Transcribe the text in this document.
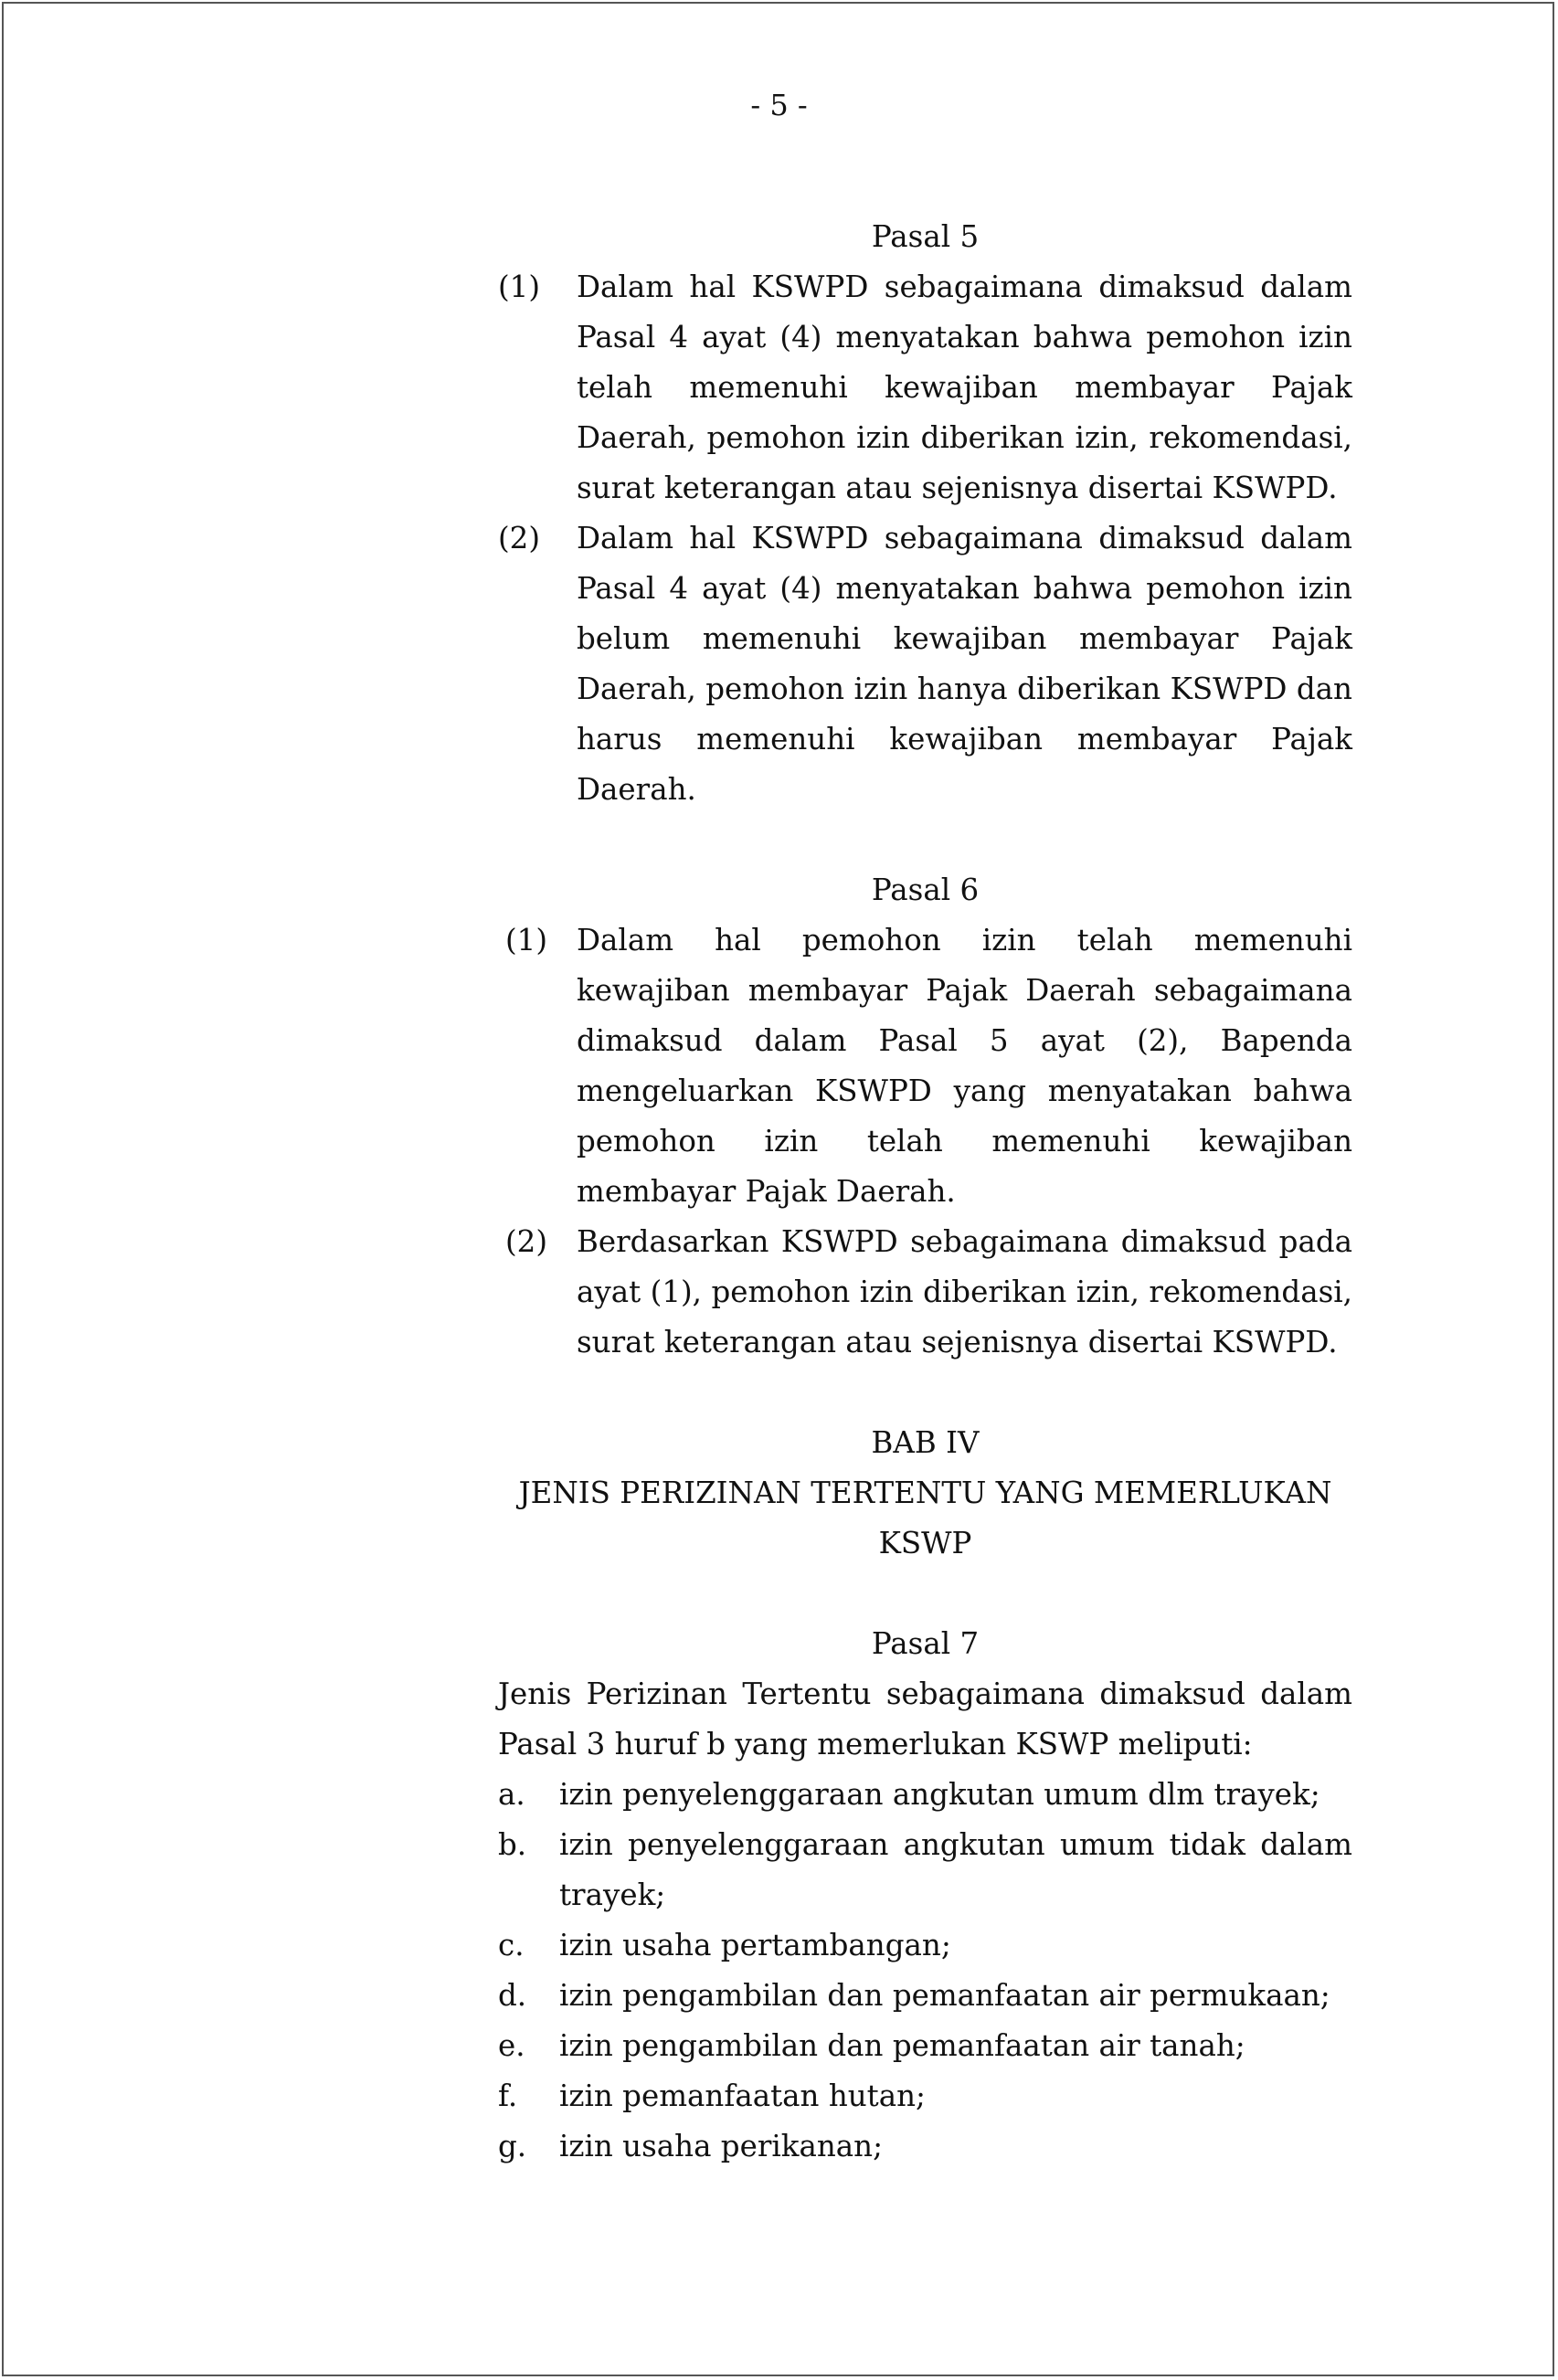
- 5 -

Pasal 5

(1)	Dalam hal KSWPD sebagaimana dimaksud dalam Pasal 4 ayat (4) menyatakan bahwa pemohon izin telah memenuhi kewajiban membayar Pajak Daerah, pemohon izin diberikan izin, rekomendasi, surat keterangan atau sejenisnya disertai KSWPD.
(2)	Dalam hal KSWPD sebagaimana dimaksud dalam Pasal 4 ayat (4) menyatakan bahwa pemohon izin belum memenuhi kewajiban membayar Pajak Daerah, pemohon izin hanya diberikan KSWPD dan harus memenuhi kewajiban membayar Pajak Daerah.

Pasal 6

(1) Dalam hal pemohon izin telah memenuhi kewajiban membayar Pajak Daerah sebagaimana dimaksud dalam Pasal 5 ayat (2), Bapenda mengeluarkan KSWPD yang menyatakan bahwa pemohon izin telah memenuhi kewajiban membayar Pajak Daerah.
(2) Berdasarkan KSWPD sebagaimana dimaksud pada ayat (1), pemohon izin diberikan izin, rekomendasi, surat keterangan atau sejenisnya disertai KSWPD.

BAB IV

JENIS PERIZINAN TERTENTU YANG MEMERLUKAN

KSWP

Pasal 7

Jenis Perizinan Tertentu sebagaimana dimaksud dalam Pasal 3 huruf b yang memerlukan KSWP meliputi:

a.	izin penyelenggaraan angkutan umum dlm trayek;
b.	izin penyelenggaraan angkutan umum tidak dalam trayek;
c.	izin usaha pertambangan;
d.	izin pengambilan dan pemanfaatan air permukaan;
e.	izin pengambilan dan pemanfaatan air tanah;
f.	izin pemanfaatan hutan;
g.	izin usaha perikanan;
